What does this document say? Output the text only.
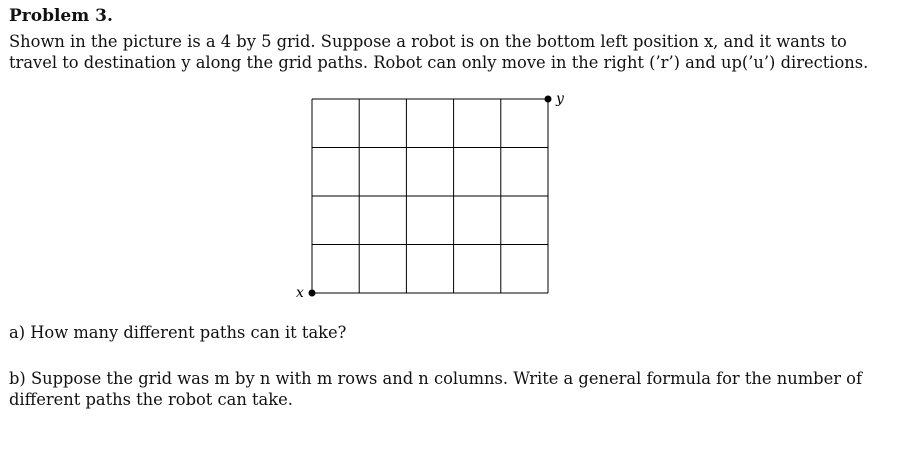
Problem 3.
Shown in the picture is a 4 by 5 grid. Suppose a robot is on the bottom left position x, and it wants to
travel to destination y along the grid paths. Robot can only move in the right (’r’) and up(’u’) directions.
x
y
a) How many different paths can it take?
b) Suppose the grid was m by n with m rows and n columns. Write a general formula for the number of
different paths the robot can take.
